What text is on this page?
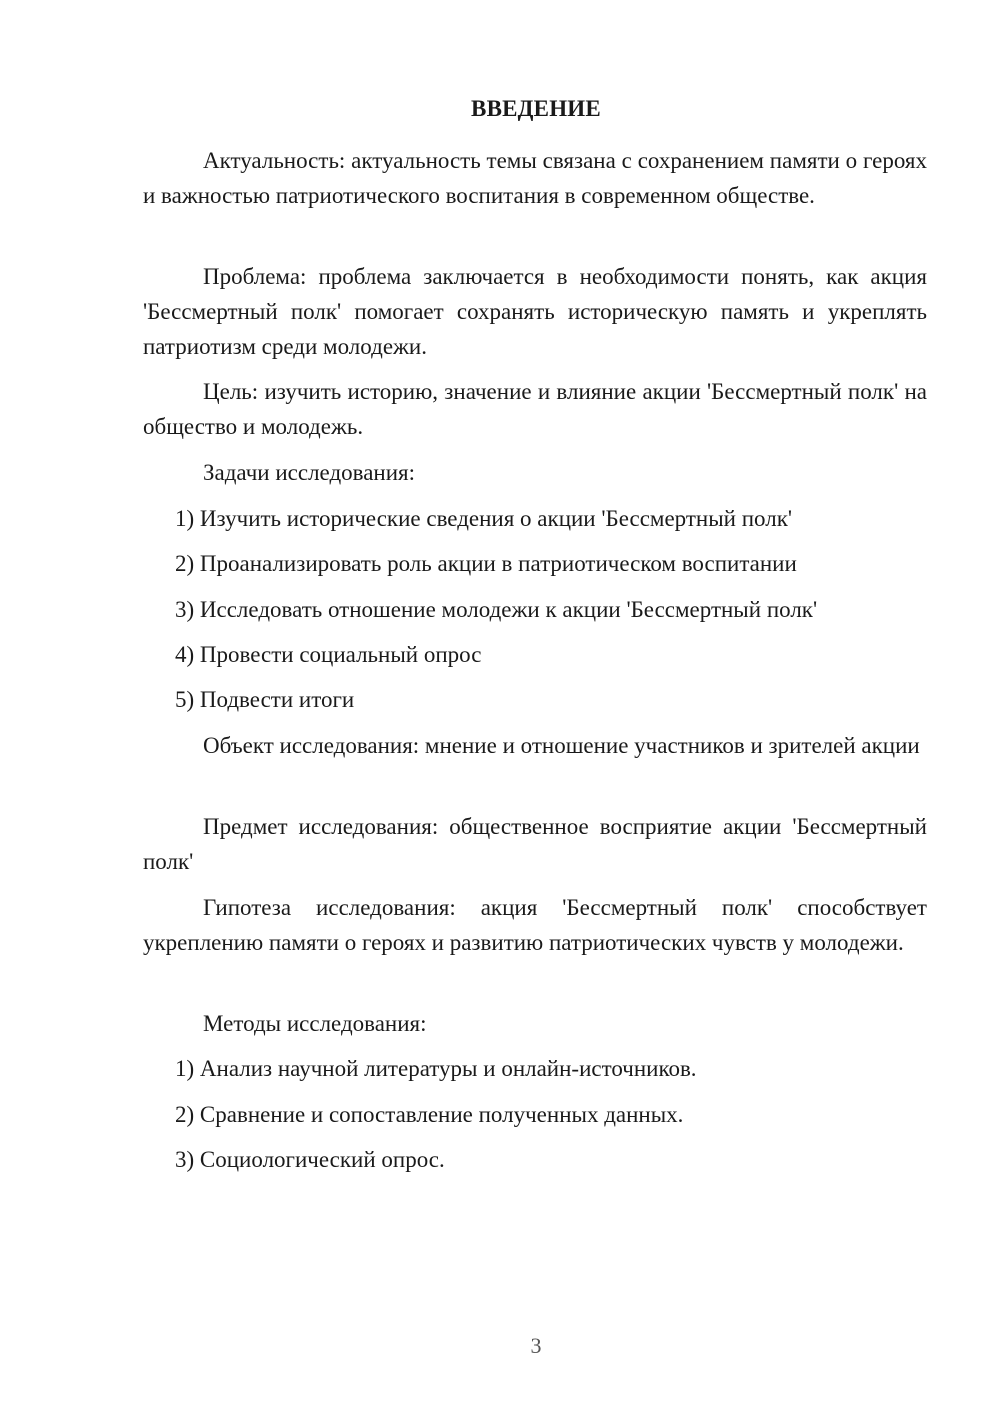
ВВЕДЕНИЕ

Актуальность: актуальность темы связана с сохранением памяти о героях и важностью патриотического воспитания в современном обществе.

Проблема: проблема заключается в необходимости понять, как акция 'Бессмертный полк' помогает сохранять историческую память и укреплять патриотизм среди молодежи.

Цель: изучить историю, значение и влияние акции 'Бессмертный полк' на общество и молодежь.

Задачи исследования:

1) Изучить исторические сведения о акции 'Бессмертный полк'

2) Проанализировать роль акции в патриотическом воспитании

3) Исследовать отношение молодежи к акции 'Бессмертный полк'

4) Провести социальный опрос

5) Подвести итоги

Объект исследования: мнение и отношение участников и зрителей акции

Предмет исследования: общественное восприятие акции 'Бессмертный полк'

Гипотеза исследования: акция 'Бессмертный полк' способствует укреплению памяти о героях и развитию патриотических чувств у молодежи.

Методы исследования:

1) Анализ научной литературы и онлайн-источников.

2) Сравнение и сопоставление полученных данных.

3) Социологический опрос.

3
